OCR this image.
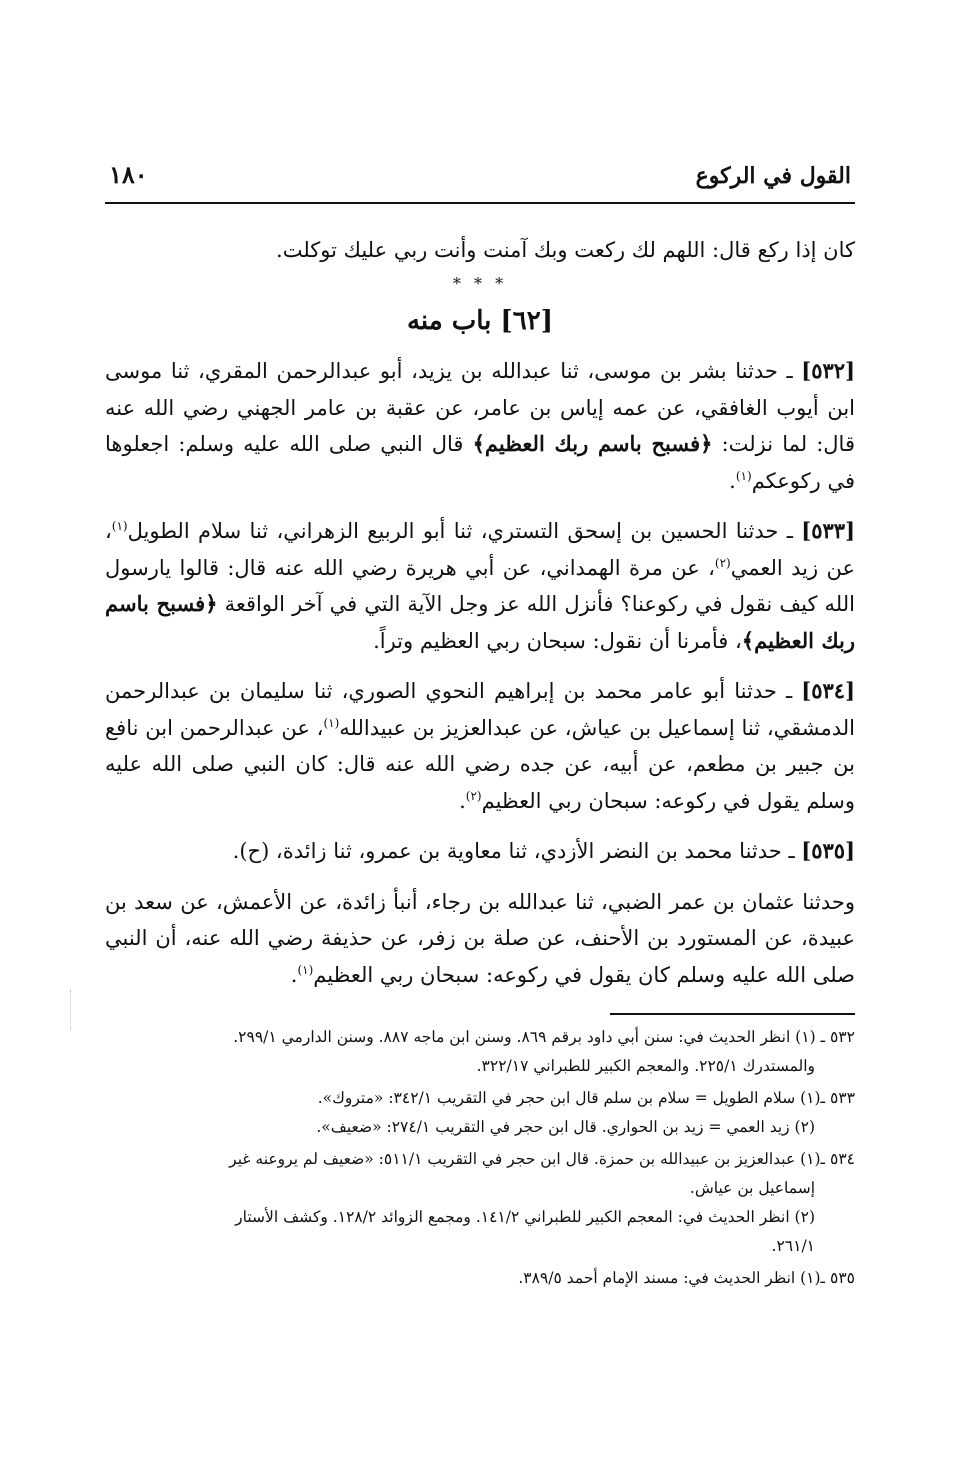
القول في الركوع
١٨٠

كان إذا ركع قال: اللهم لك ركعت وبك آمنت وأنت ربي عليك توكلت.

* * *
[٦٢] باب منه

[٥٣٢] ـ حدثنا بشر بن موسى، ثنا عبدالله بن يزيد، أبو عبدالرحمن المقري، ثنا موسى ابن أيوب الغافقي، عن عمه إياس بن عامر، عن عقبة بن عامر الجهني رضي الله عنه قال: لما نزلت: ﴿فسبح باسم ربك العظيم﴾ قال النبي صلى الله عليه وسلم: اجعلوها في ركوعكم$^{(١)}$.

[٥٣٣] ـ حدثنا الحسين بن إسحق التستري، ثنا أبو الربيع الزهراني، ثنا سلام الطويل$^{(١)}$، عن زيد العمي$^{(٢)}$، عن مرة الهمداني، عن أبي هريرة رضي الله عنه قال: قالوا يارسول الله كيف نقول في ركوعنا؟ فأنزل الله عز وجل الآية التي في آخر الواقعة ﴿فسبح باسم ربك العظيم﴾، فأمرنا أن نقول: سبحان ربي العظيم وتراً.

[٥٣٤] ـ حدثنا أبو عامر محمد بن إبراهيم النحوي الصوري، ثنا سليمان بن عبدالرحمن الدمشقي، ثنا إسماعيل بن عياش، عن عبدالعزيز بن عبيدالله$^{(١)}$، عن عبدالرحمن ابن نافع بن جبير بن مطعم، عن أبيه، عن جده رضي الله عنه قال: كان النبي صلى الله عليه وسلم يقول في ركوعه: سبحان ربي العظيم$^{(٢)}$.

[٥٣٥] ـ حدثنا محمد بن النضر الأزدي، ثنا معاوية بن عمرو، ثنا زائدة، (ح).

وحدثنا عثمان بن عمر الضبي، ثنا عبدالله بن رجاء، أنبأ زائدة، عن الأعمش، عن سعد بن عبيدة، عن المستورد بن الأحنف، عن صلة بن زفر، عن حذيفة رضي الله عنه، أن النبي صلى الله عليه وسلم كان يقول في ركوعه: سبحان ربي العظيم$^{(١)}$.

٥٣٢ ـ (١) انظر الحديث في: سنن أبي داود برقم ٨٦٩. وسنن ابن ماجه ٨٨٧. وسنن الدارمي ٢٩٩/١.

والمستدرك ٢٢٥/١. والمعجم الكبير للطبراني ٣٢٢/١٧.

٥٣٣ ـ(١) سلام الطويل = سلام بن سلم قال ابن حجر في التقريب ٣٤٢/١: «متروك».

(٢) زيد العمي = زيد بن الحواري. قال ابن حجر في التقريب ٢٧٤/١: «ضعيف».

٥٣٤ ـ(١) عبدالعزيز بن عبيدالله بن حمزة. قال ابن حجر في التقريب ٥١١/١: «ضعيف لم يروعنه غير

إسماعيل بن عياش.

(٢) انظر الحديث في: المعجم الكبير للطبراني ١٤١/٢. ومجمع الزوائد ١٢٨/٢. وكشف الأستار

٢٦١/١.

٥٣٥ ـ(١) انظر الحديث في: مسند الإمام أحمد ٣٨٩/٥.
